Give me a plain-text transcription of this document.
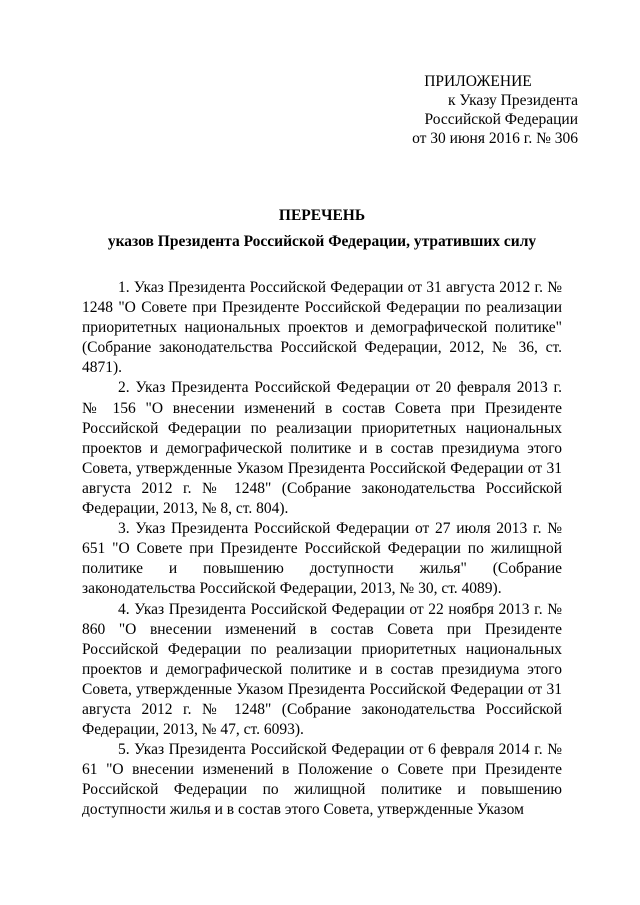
ПРИЛОЖЕНИЕ
к Указу Президента
Российской Федерации
от 30 июня 2016 г. № 306
ПЕРЕЧЕНЬ
указов Президента Российской Федерации, утративших силу

1. Указ Президента Российской Федерации от 31 августа 2012 г. № 1248 "О Совете при Президенте Российской Федерации по реализации приоритетных национальных проектов и демографической политике" (Собрание законодательства Российской Федерации, 2012, № 36, ст. 4871).

2. Указ Президента Российской Федерации от 20 февраля 2013 г. № 156 "О внесении изменений в состав Совета при Президенте Российской Федерации по реализации приоритетных национальных проектов и демографической политике и в состав президиума этого Совета, утвержденные Указом Президента Российской Федерации от 31 августа 2012 г. № 1248" (Собрание законодательства Российской Федерации, 2013, № 8, ст. 804).

3. Указ Президента Российской Федерации от 27 июля 2013 г. № 651 "О Совете при Президенте Российской Федерации по жилищной политике и повышению доступности жилья" (Собрание законодательства Российской Федерации, 2013, № 30, ст. 4089).

4. Указ Президента Российской Федерации от 22 ноября 2013 г. № 860 "О внесении изменений в состав Совета при Президенте Российской Федерации по реализации приоритетных национальных проектов и демографической политике и в состав президиума этого Совета, утвержденные Указом Президента Российской Федерации от 31 августа 2012 г. № 1248" (Собрание законодательства Российской Федерации, 2013, № 47, ст. 6093).

5. Указ Президента Российской Федерации от 6 февраля 2014 г. № 61 "О внесении изменений в Положение о Совете при Президенте Российской Федерации по жилищной политике и повышению доступности жилья и в состав этого Совета, утвержденные Указом
